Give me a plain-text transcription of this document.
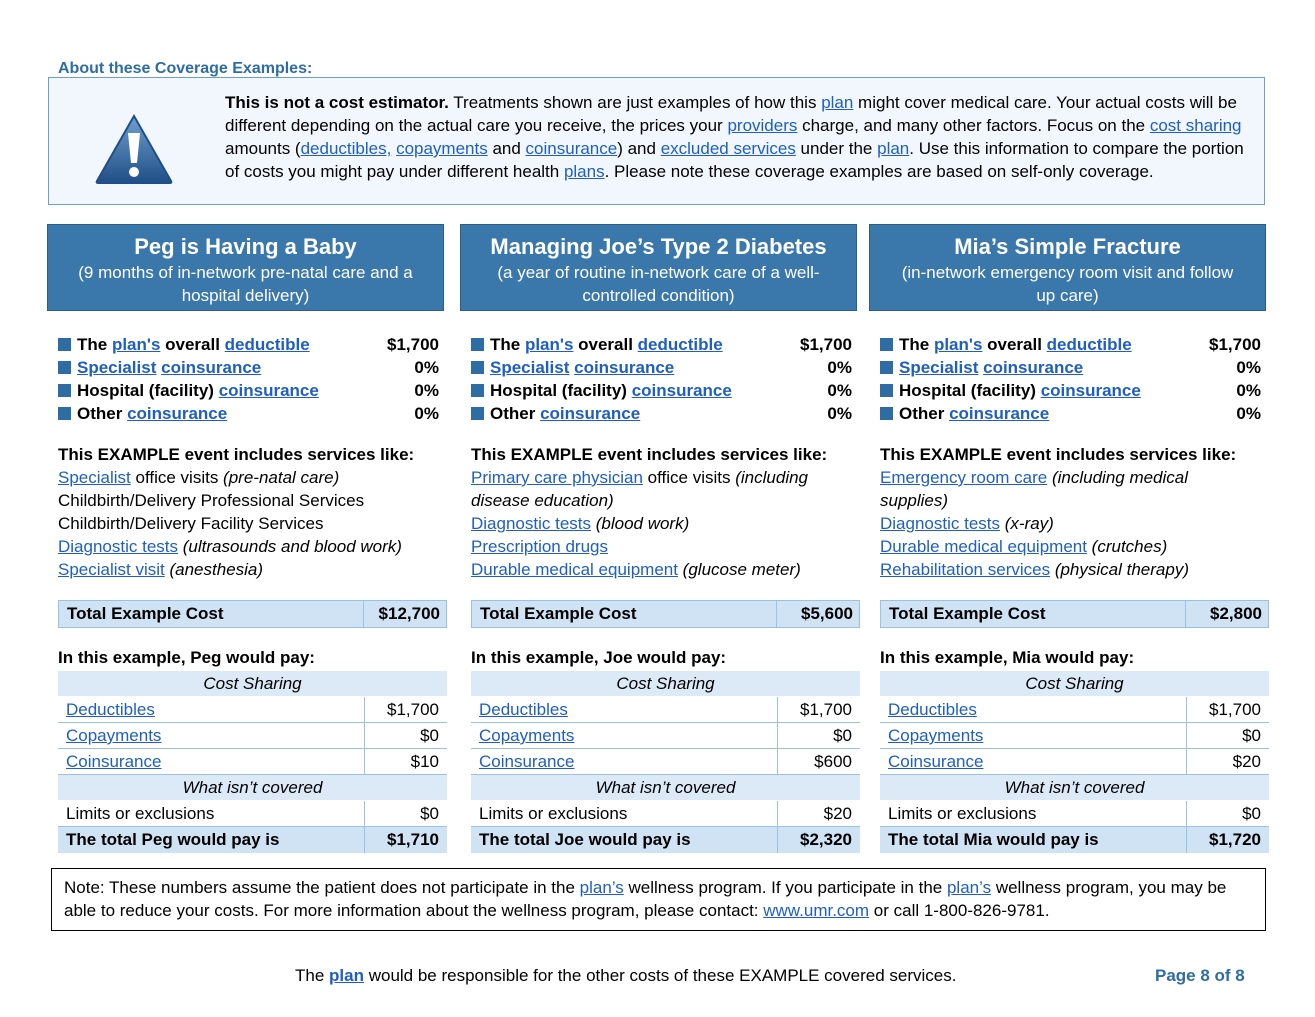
About these Coverage Examples:
This is not a cost estimator. Treatments shown are just examples of how this plan might cover medical care. Your actual costs will be different depending on the actual care you receive, the prices your providers charge, and many other factors. Focus on the cost sharing amounts (deductibles, copayments and coinsurance) and excluded services under the plan. Use this information to compare the portion of costs you might pay under different health plans. Please note these coverage examples are based on self-only coverage.
Peg is Having a Baby
(9 months of in-network pre-natal care and a hospital delivery)
The plan's overall deductible	$1,700
Specialist coinsurance	0%
Hospital (facility) coinsurance	0%
Other coinsurance	0%
This EXAMPLE event includes services like:
Specialist office visits (pre-natal care)
Childbirth/Delivery Professional Services
Childbirth/Delivery Facility Services
Diagnostic tests (ultrasounds and blood work)
Specialist visit (anesthesia)
Total Example Cost	$12,700
In this example, Peg would pay:
Cost Sharing
Deductibles	$1,700
Copayments	$0
Coinsurance	$10
What isn’t covered
Limits or exclusions	$0
The total Peg would pay is	$1,710
Managing Joe’s Type 2 Diabetes
(a year of routine in-network care of a well-controlled condition)
The plan's overall deductible	$1,700
Specialist coinsurance	0%
Hospital (facility) coinsurance	0%
Other coinsurance	0%
This EXAMPLE event includes services like:
Primary care physician office visits (including disease education)
Diagnostic tests (blood work)
Prescription drugs
Durable medical equipment (glucose meter)
Total Example Cost	$5,600
In this example, Joe would pay:
Cost Sharing
Deductibles	$1,700
Copayments	$0
Coinsurance	$600
What isn’t covered
Limits or exclusions	$20
The total Joe would pay is	$2,320
Mia’s Simple Fracture
(in-network emergency room visit and follow up care)
The plan's overall deductible	$1,700
Specialist coinsurance	0%
Hospital (facility) coinsurance	0%
Other coinsurance	0%
This EXAMPLE event includes services like:
Emergency room care (including medical supplies)
Diagnostic tests (x-ray)
Durable medical equipment (crutches)
Rehabilitation services (physical therapy)
Total Example Cost	$2,800
In this example, Mia would pay:
Cost Sharing
Deductibles	$1,700
Copayments	$0
Coinsurance	$20
What isn’t covered
Limits or exclusions	$0
The total Mia would pay is	$1,720
Note: These numbers assume the patient does not participate in the plan’s wellness program. If you participate in the plan’s wellness program, you may be able to reduce your costs. For more information about the wellness program, please contact: www.umr.com or call 1-800-826-9781.
The plan would be responsible for the other costs of these EXAMPLE covered services.	Page 8 of 8
